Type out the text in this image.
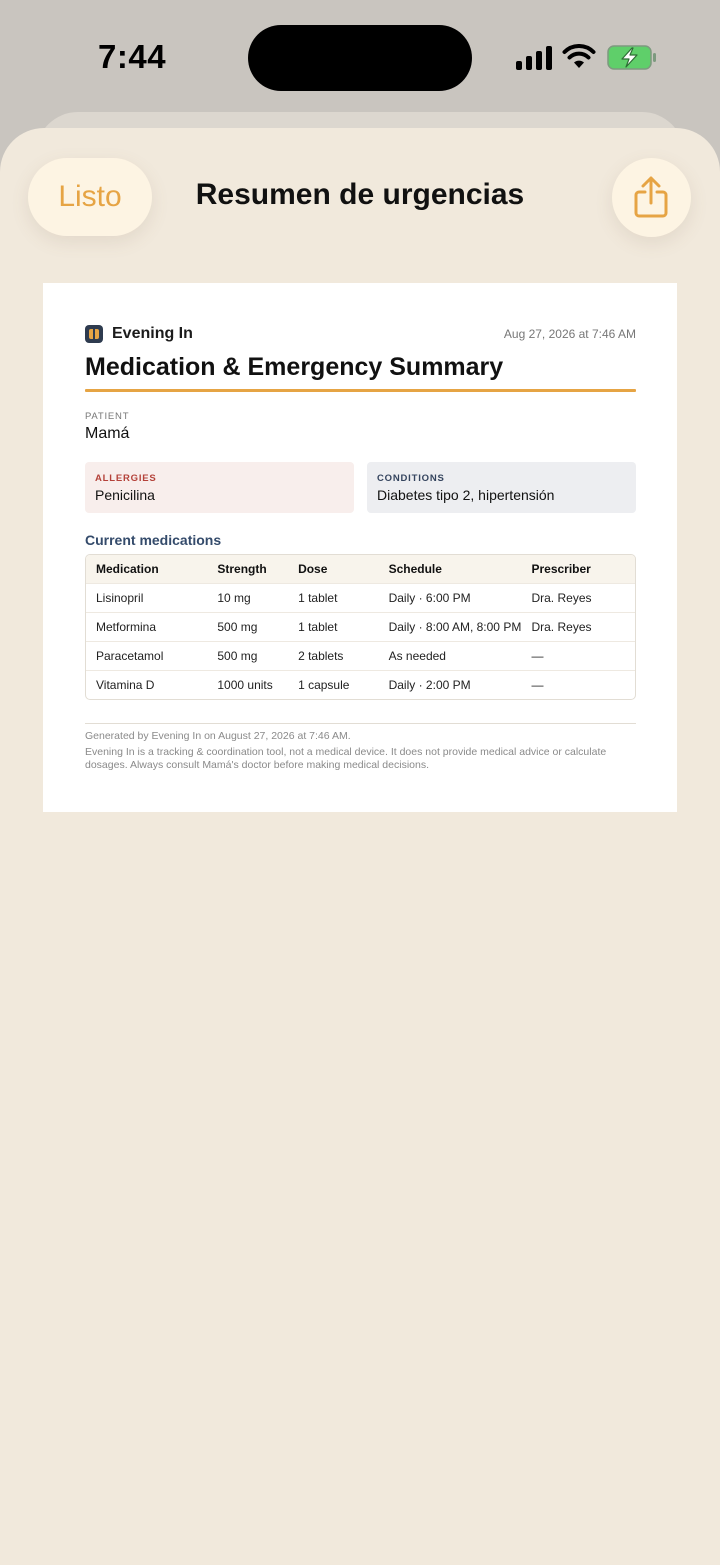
7:44
Listo	Resumen de urgencias
Evening In	Aug 27, 2026 at 7:46 AM
Medication & Emergency Summary
PATIENT
Mamá
ALLERGIES
Penicilina
CONDITIONS
Diabetes tipo 2, hipertensión
Current medications
Medication	Strength	Dose	Schedule	Prescriber
Lisinopril	10 mg	1 tablet	Daily · 6:00 PM	Dra. Reyes
Metformina	500 mg	1 tablet	Daily · 8:00 AM, 8:00 PM	Dra. Reyes
Paracetamol	500 mg	2 tablets	As needed	—
Vitamina D	1000 units	1 capsule	Daily · 2:00 PM	—
Generated by Evening In on August 27, 2026 at 7:46 AM.
Evening In is a tracking & coordination tool, not a medical device. It does not provide medical advice or calculate dosages. Always consult Mamá's doctor before making medical decisions.
